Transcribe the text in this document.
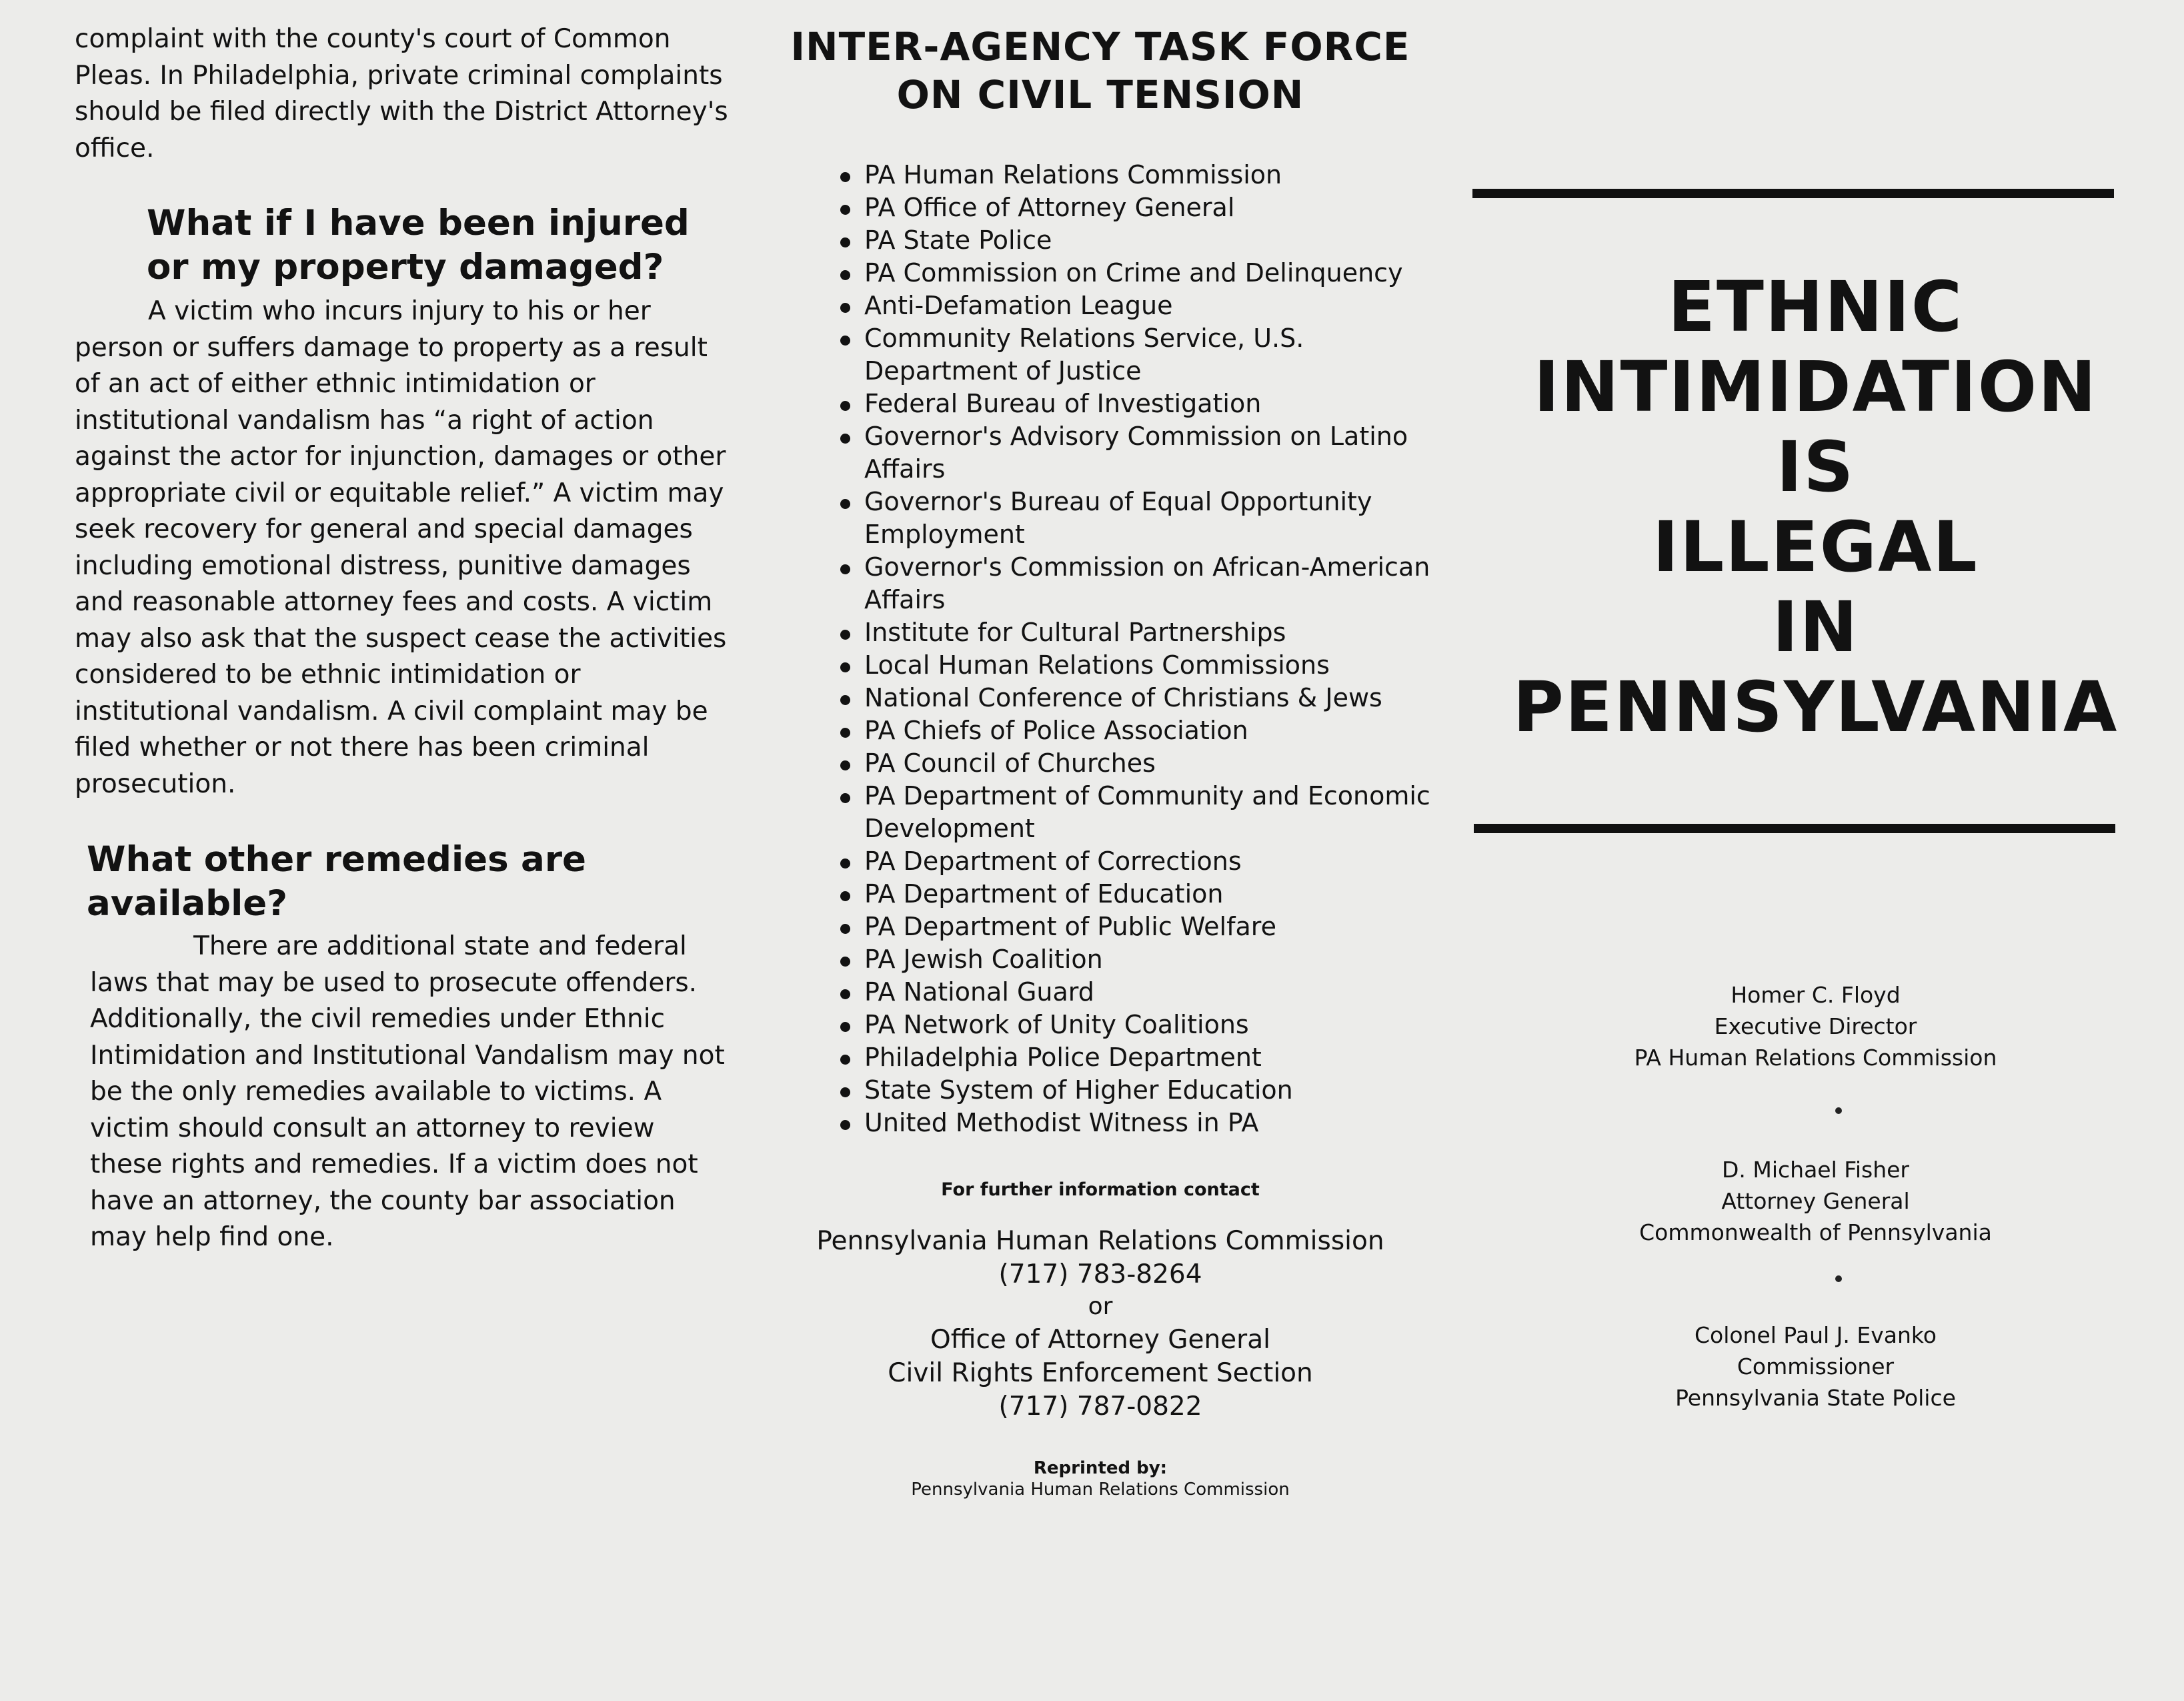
complaint with the county's court of Common Pleas. In Philadelphia, private criminal complaints should be filed directly with the District Attorney's office.
What if I have been injured or my property damaged?
A victim who incurs injury to his or her person or suffers damage to property as a result of an act of either ethnic intimidation or institutional vandalism has “a right of action against the actor for injunction, damages or other appropriate civil or equitable relief.” A victim may seek recovery for general and special damages including emotional distress, punitive damages and reasonable attorney fees and costs. A victim may also ask that the suspect cease the activities considered to be ethnic intimidation or institutional vandalism. A civil complaint may be filed whether or not there has been criminal prosecution.
What other remedies are available?
There are additional state and federal laws that may be used to prosecute offenders. Additionally, the civil remedies under Ethnic Intimidation and Institutional Vandalism may not be the only remedies available to victims. A victim should consult an attorney to review these rights and remedies. If a victim does not have an attorney, the county bar association may help find one.
INTER-AGENCY TASK FORCE ON CIVIL TENSION
PA Human Relations Commission
PA Office of Attorney General
PA State Police
PA Commission on Crime and Delinquency
Anti-Defamation League
Community Relations Service, U.S. Department of Justice
Federal Bureau of Investigation
Governor's Advisory Commission on Latino Affairs
Governor's Bureau of Equal Opportunity Employment
Governor's Commission on African-American Affairs
Institute for Cultural Partnerships
Local Human Relations Commissions
National Conference of Christians & Jews
PA Chiefs of Police Association
PA Council of Churches
PA Department of Community and Economic Development
PA Department of Corrections
PA Department of Education
PA Department of Public Welfare
PA Jewish Coalition
PA National Guard
PA Network of Unity Coalitions
Philadelphia Police Department
State System of Higher Education
United Methodist Witness in PA
For further information contact
Pennsylvania Human Relations Commission
(717) 783-8264
or
Office of Attorney General
Civil Rights Enforcement Section
(717) 787-0822
Reprinted by:
Pennsylvania Human Relations Commission
ETHNIC
INTIMIDATION
IS
ILLEGAL
IN
PENNSYLVANIA
Homer C. Floyd
Executive Director
PA Human Relations Commission
D. Michael Fisher
Attorney General
Commonwealth of Pennsylvania
Colonel Paul J. Evanko
Commissioner
Pennsylvania State Police
